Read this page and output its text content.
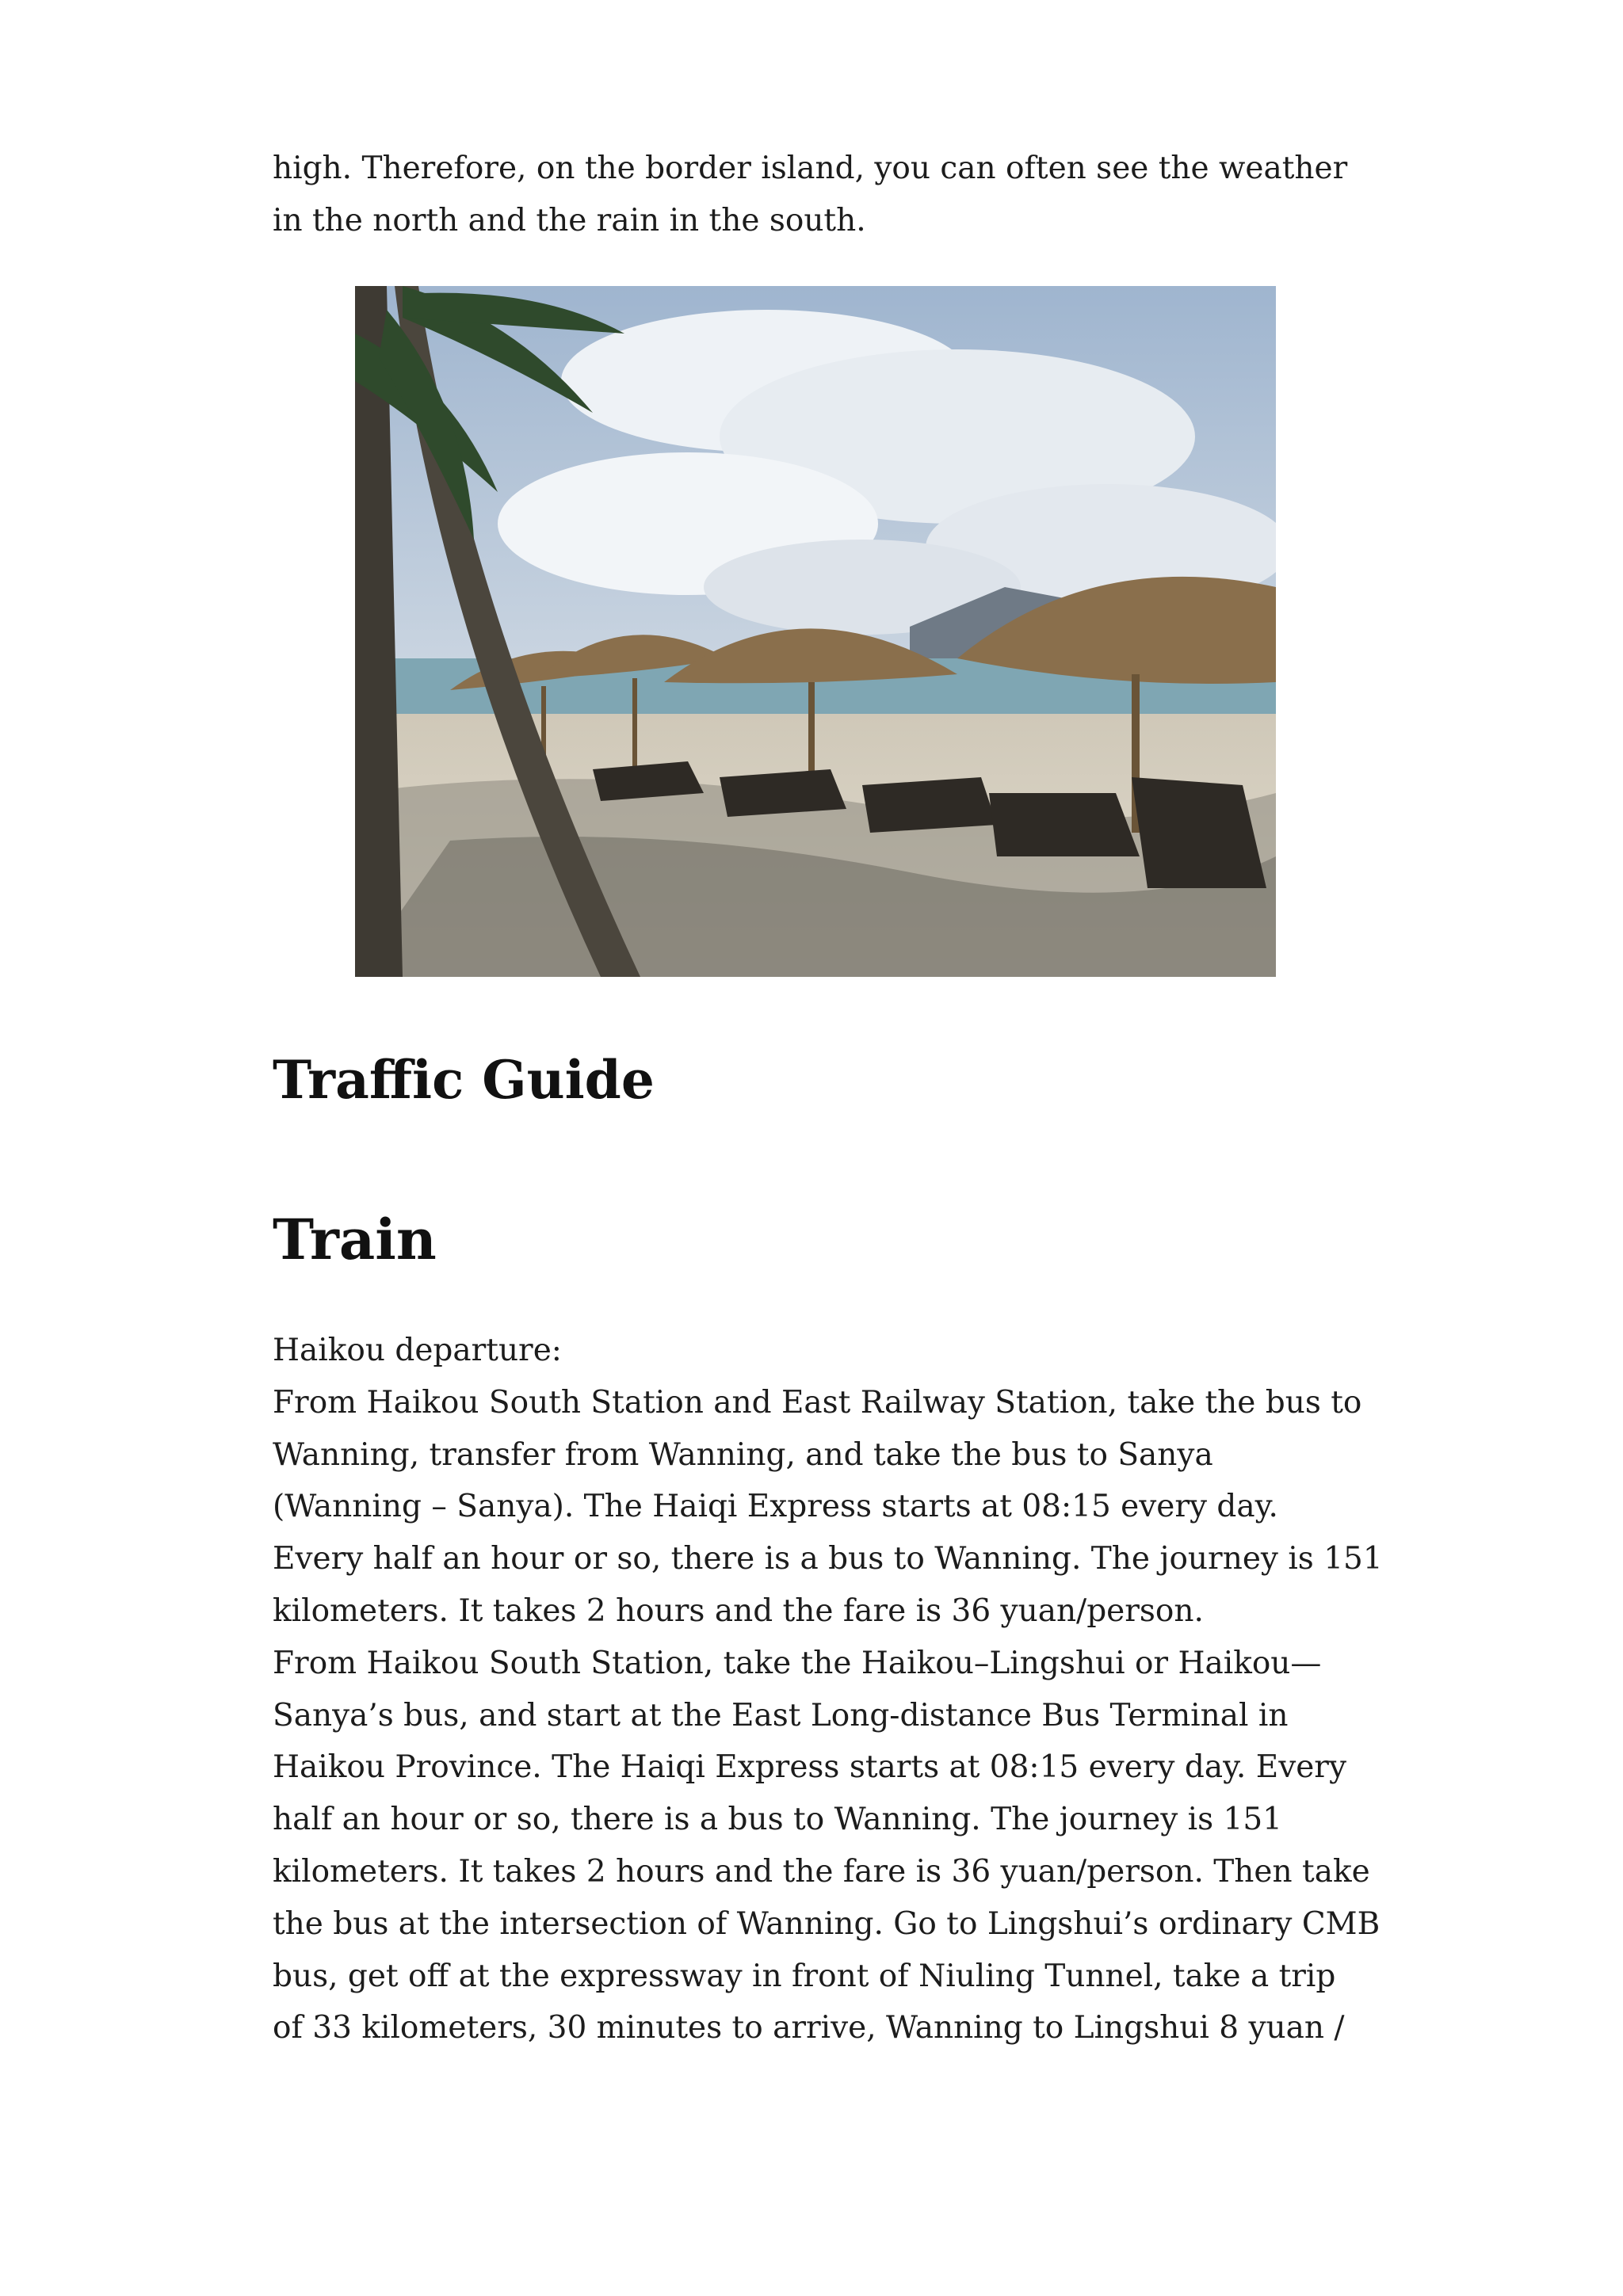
high. Therefore, on the border island, you can often see the weather
in the north and the rain in the south.

Traffic Guide
Train

Haikou departure:
From Haikou South Station and East Railway Station, take the bus to
Wanning, transfer from Wanning, and take the bus to Sanya
(Wanning – Sanya). The Haiqi Express starts at 08:15 every day.
Every half an hour or so, there is a bus to Wanning. The journey is 151
kilometers. It takes 2 hours and the fare is 36 yuan/person.
From Haikou South Station, take the Haikou–Lingshui or Haikou—
Sanya’s bus, and start at the East Long-distance Bus Terminal in
Haikou Province. The Haiqi Express starts at 08:15 every day. Every
half an hour or so, there is a bus to Wanning. The journey is 151
kilometers. It takes 2 hours and the fare is 36 yuan/person. Then take
the bus at the intersection of Wanning. Go to Lingshui’s ordinary CMB
bus, get off at the expressway in front of Niuling Tunnel, take a trip
of 33 kilometers, 30 minutes to arrive, Wanning to Lingshui 8 yuan /
